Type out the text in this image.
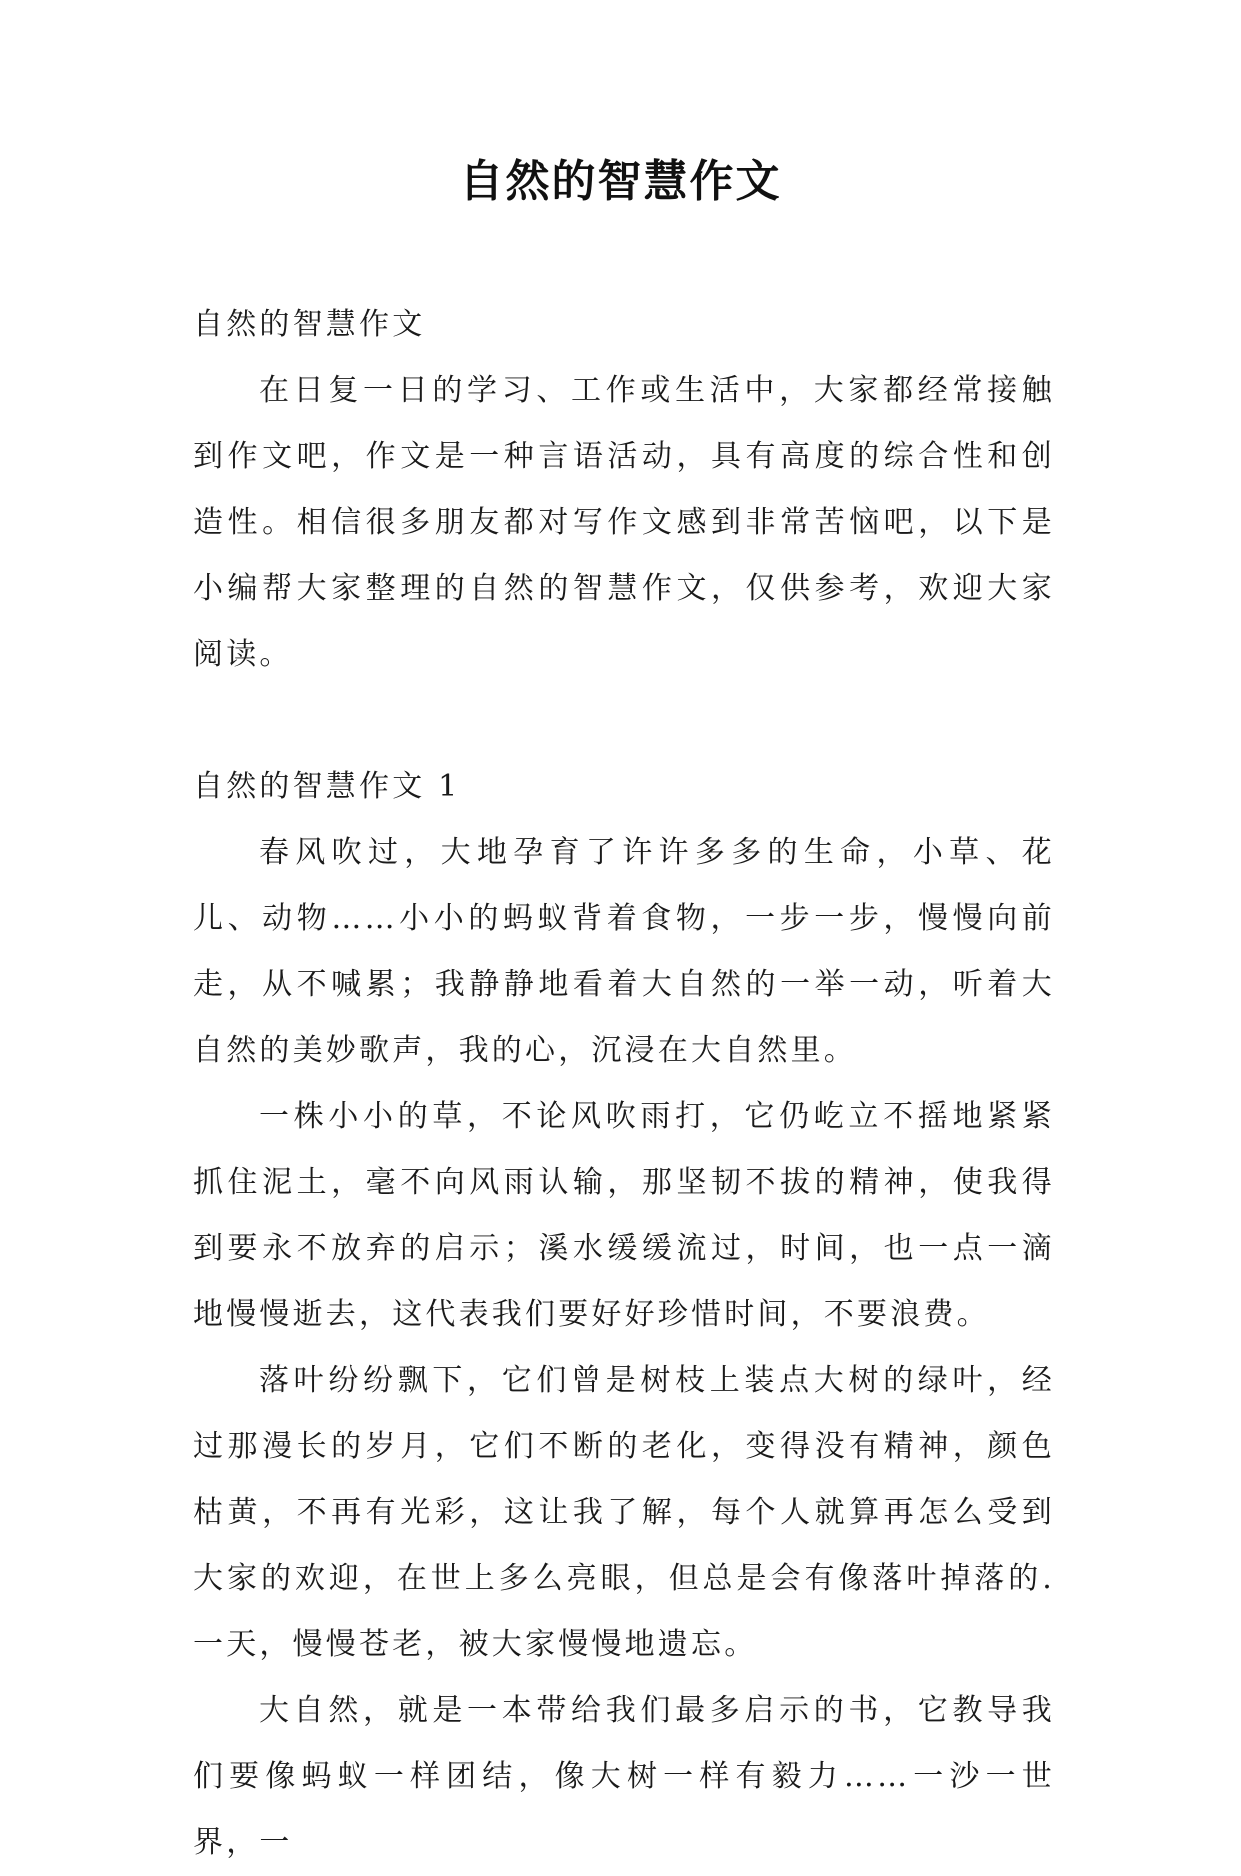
自然的智慧作文

自然的智慧作文

在日复一日的学习、工作或生活中，大家都经常接触到作文吧，作文是一种言语活动，具有高度的综合性和创造性。相信很多朋友都对写作文感到非常苦恼吧，以下是小编帮大家整理的自然的智慧作文，仅供参考，欢迎大家阅读。

自然的智慧作文 1

春风吹过，大地孕育了许许多多的生命，小草、花儿、动物……小小的蚂蚁背着食物，一步一步，慢慢向前走，从不喊累；我静静地看着大自然的一举一动，听着大自然的美妙歌声，我的心，沉浸在大自然里。

一株小小的草，不论风吹雨打，它仍屹立不摇地紧紧抓住泥土，毫不向风雨认输，那坚韧不拔的精神，使我得到要永不放弃的启示；溪水缓缓流过，时间，也一点一滴地慢慢逝去，这代表我们要好好珍惜时间，不要浪费。

落叶纷纷飘下，它们曾是树枝上装点大树的绿叶，经过那漫长的岁月，它们不断的老化，变得没有精神，颜色枯黄，不再有光彩，这让我了解，每个人就算再怎么受到大家的欢迎，在世上多么亮眼，但总是会有像落叶掉落的.一天，慢慢苍老，被大家慢慢地遗忘。

大自然，就是一本带给我们最多启示的书，它教导我们要像蚂蚁一样团结，像大树一样有毅力……一沙一世界，一
